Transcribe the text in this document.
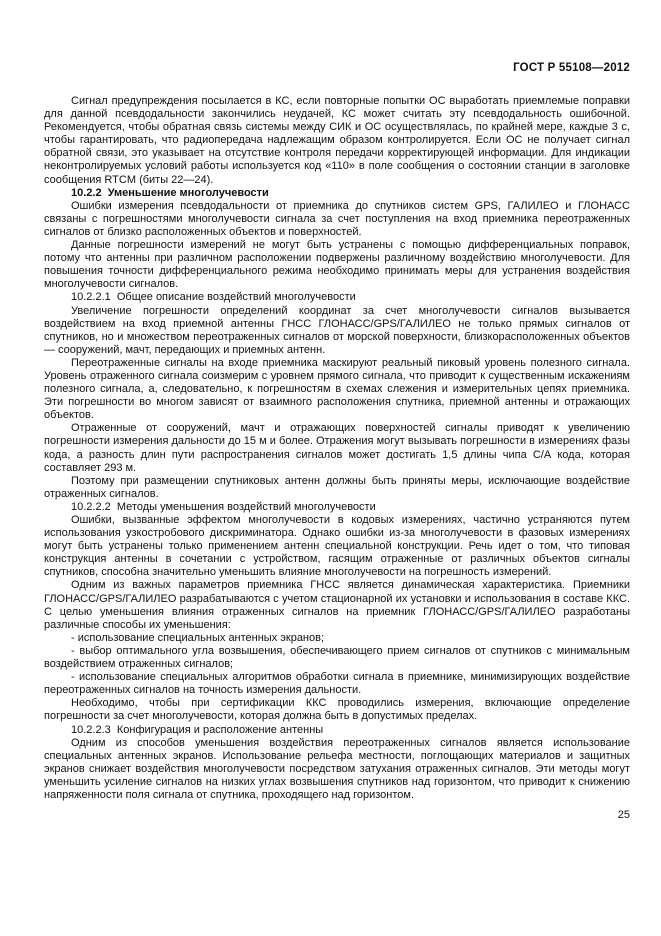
ГОСТ Р 55108—2012

Сигнал предупреждения посылается в КС, если повторные попытки ОС выработать приемлемые поправки для данной псевдодальности закончились неудачей, КС может считать эту псевдодальность ошибочной. Рекомендуется, чтобы обратная связь системы между СИК и ОС осуществлялась, по крайней мере, каждые 3 с, чтобы гарантировать, что радиопередача надлежащим образом контролируется. Если ОС не получает сигнал обратной связи, это указывает на отсутствие контроля передачи корректирующей информации. Для индикации неконтролируемых условий работы используется код «110» в поле сообщения о состоянии станции в заголовке сообщения RTCM (биты 22—24).

10.2.2  Уменьшение многолучевости

Ошибки измерения псевдодальности от приемника до спутников систем GPS, ГАЛИЛЕО и ГЛОНАСС связаны с погрешностями многолучевости сигнала за счет поступления на вход приемника переотраженных сигналов от близко расположенных объектов и поверхностей.

Данные погрешности измерений не могут быть устранены с помощью дифференциальных поправок, потому что антенны при различном расположении подвержены различному воздействию многолучевости. Для повышения точности дифференциального режима необходимо принимать меры для устранения воздействия многолучевости сигналов.

10.2.2.1  Общее описание воздействий многолучевости

Увеличение погрешности определений координат за счет многолучевости сигналов вызывается воздействием на вход приемной антенны ГНСС ГЛОНАСС/GPS/ГАЛИЛЕО не только прямых сигналов от спутников, но и множеством переотраженных сигналов от морской поверхности, близкорасположенных объектов — сооружений, мачт, передающих и приемных антенн.

Переотраженные сигналы на входе приемника маскируют реальный пиковый уровень полезного сигнала. Уровень отраженного сигнала соизмерим с уровнем прямого сигнала, что приводит к существенным искажениям полезного сигнала, а, следовательно, к погрешностям в схемах слежения и измерительных цепях приемника. Эти погрешности во многом зависят от взаимного расположения спутника, приемной антенны и отражающих объектов.

Отраженные от сооружений, мачт и отражающих поверхностей сигналы приводят к увеличению погрешности измерения дальности до 15 м и более. Отражения могут вызывать погрешности в измерениях фазы кода, а разность длин пути распространения сигналов может достигать 1,5 длины чипа С/А кода, которая составляет 293 м.

Поэтому при размещении спутниковых антенн должны быть приняты меры, исключающие воздействие отраженных сигналов.

10.2.2.2  Методы уменьшения воздействий многолучевости

Ошибки, вызванные эффектом многолучевости в кодовых измерениях, частично устраняются путем использования узкостробового дискриминатора. Однако ошибки из-за многолучевости в фазовых измерениях могут быть устранены только применением антенн специальной конструкции. Речь идет о том, что типовая конструкция антенны в сочетании с устройством, гасящим отраженные от различных объектов сигналы спутников, способна значительно уменьшить влияние многолучевости на погрешность измерений.

Одним из важных параметров приемника ГНСС является динамическая характеристика. Приемники ГЛОНАСС/GPS/ГАЛИЛЕО разрабатываются с учетом стационарной их установки и использования в составе ККС. С целью уменьшения влияния отраженных сигналов на приемник ГЛОНАСС/GPS/ГАЛИЛЕО разработаны различные способы их уменьшения:

- использование специальных антенных экранов;

- выбор оптимального угла возвышения, обеспечивающего прием сигналов от спутников с минимальным воздействием отраженных сигналов;

- использование специальных алгоритмов обработки сигнала в приемнике, минимизирующих воздействие переотраженных сигналов на точность измерения дальности.

Необходимо, чтобы при сертификации ККС проводились измерения, включающие определение погрешности за счет многолучевости, которая должна быть в допустимых пределах.

10.2.2.3  Конфигурация и расположение антенны

Одним из способов уменьшения воздействия переотраженных сигналов является использование специальных антенных экранов. Использование рельефа местности, поглощающих материалов и защитных экранов снижает воздействия многолучевости посредством затухания отраженных сигналов. Эти методы могут уменьшить усиление сигналов на низких углах возвышения спутников над горизонтом, что приводит к снижению напряженности поля сигнала от спутника, проходящего над горизонтом.

25
